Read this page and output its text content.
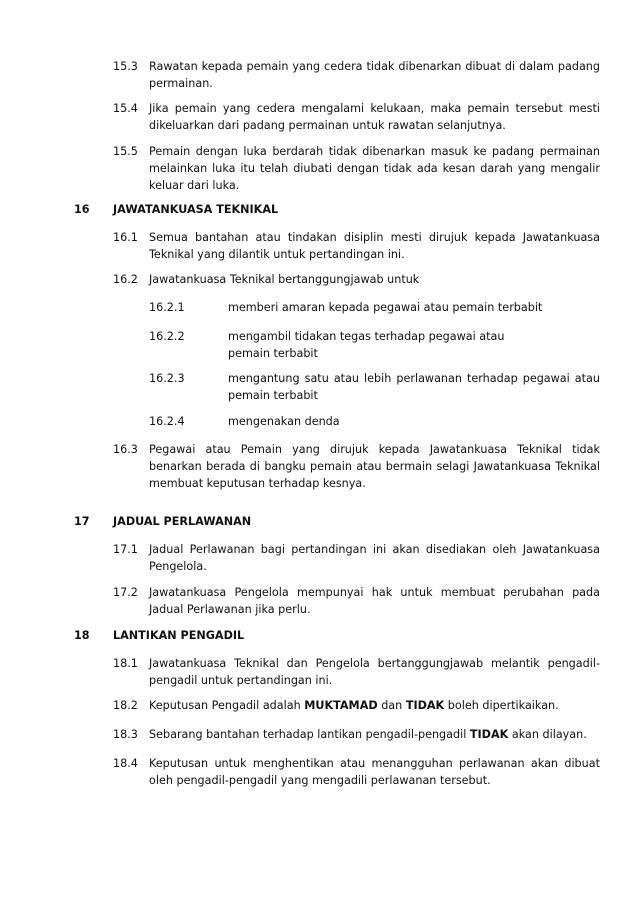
15.3 Rawatan kepada pemain yang cedera tidak dibenarkan dibuat di dalam padang permainan.
15.4 Jika pemain yang cedera mengalami kelukaan, maka pemain tersebut mesti dikeluarkan dari padang permainan untuk rawatan selanjutnya.
15.5 Pemain dengan luka berdarah tidak dibenarkan masuk ke padang permainan melainkan luka itu telah diubati dengan tidak ada kesan darah yang mengalir keluar dari luka.
16 JAWATANKUASA TEKNIKAL
16.1 Semua bantahan atau tindakan disiplin mesti dirujuk kepada Jawatankuasa Teknikal yang dilantik untuk pertandingan ini.
16.2 Jawatankuasa Teknikal bertanggungjawab untuk
16.2.1	memberi amaran kepada pegawai atau pemain terbabit
16.2.2	mengambil tidakan tegas terhadap pegawai atau
pemain terbabit
16.2.3	mengantung satu atau lebih perlawanan terhadap pegawai atau pemain terbabit
16.2.4	mengenakan denda
16.3 Pegawai atau Pemain yang dirujuk kepada Jawatankuasa Teknikal tidak benarkan berada di bangku pemain atau bermain selagi Jawatankuasa Teknikal membuat keputusan terhadap kesnya.
17 JADUAL PERLAWANAN
17.1 Jadual Perlawanan bagi pertandingan ini akan disediakan oleh Jawatankuasa Pengelola.
17.2 Jawatankuasa Pengelola mempunyai hak untuk membuat perubahan pada Jadual Perlawanan jika perlu.
18 LANTIKAN PENGADIL
18.1 Jawatankuasa Teknikal dan Pengelola bertanggungjawab melantik pengadil-pengadil untuk pertandingan ini.
18.2 Keputusan Pengadil adalah MUKTAMAD dan TIDAK boleh dipertikaikan.
18.3 Sebarang bantahan terhadap lantikan pengadil-pengadil TIDAK akan dilayan.
18.4 Keputusan untuk menghentikan atau menangguhan perlawanan akan dibuat oleh pengadil-pengadil yang mengadili perlawanan tersebut.
